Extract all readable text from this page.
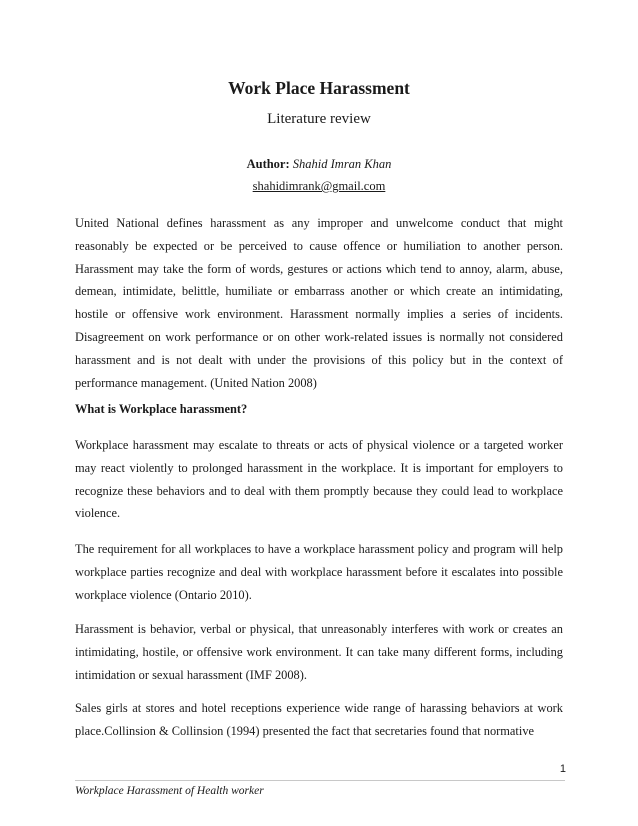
Work Place Harassment

Literature review

Author: Shahid Imran Khan

shahidimrank@gmail.com

United National defines harassment as any improper and unwelcome conduct that might reasonably be expected or be perceived to cause offence or humiliation to another person. Harassment may take the form of words, gestures or actions which tend to annoy, alarm, abuse, demean, intimidate, belittle, humiliate or embarrass another or which create an intimidating, hostile or offensive work environment. Harassment normally implies a series of incidents. Disagreement on work performance or on other work-related issues is normally not considered harassment and is not dealt with under the provisions of this policy but in the context of performance management. (United Nation 2008)

What is Workplace harassment?

Workplace harassment may escalate to threats or acts of physical violence or a targeted worker may react violently to prolonged harassment in the workplace. It is important for employers to recognize these behaviors and to deal with them promptly because they could lead to workplace violence.

The requirement for all workplaces to have a workplace harassment policy and program will help workplace parties recognize and deal with workplace harassment before it escalates into possible workplace violence (Ontario 2010).

Harassment is behavior, verbal or physical, that unreasonably interferes with work or creates an intimidating, hostile, or offensive work environment. It can take many different forms, including intimidation or sexual harassment (IMF 2008).

Sales girls at stores and hotel receptions experience wide range of harassing behaviors at work place.Collinsion & Collinsion (1994) presented the fact that secretaries found that normative

1

Workplace Harassment of Health worker
